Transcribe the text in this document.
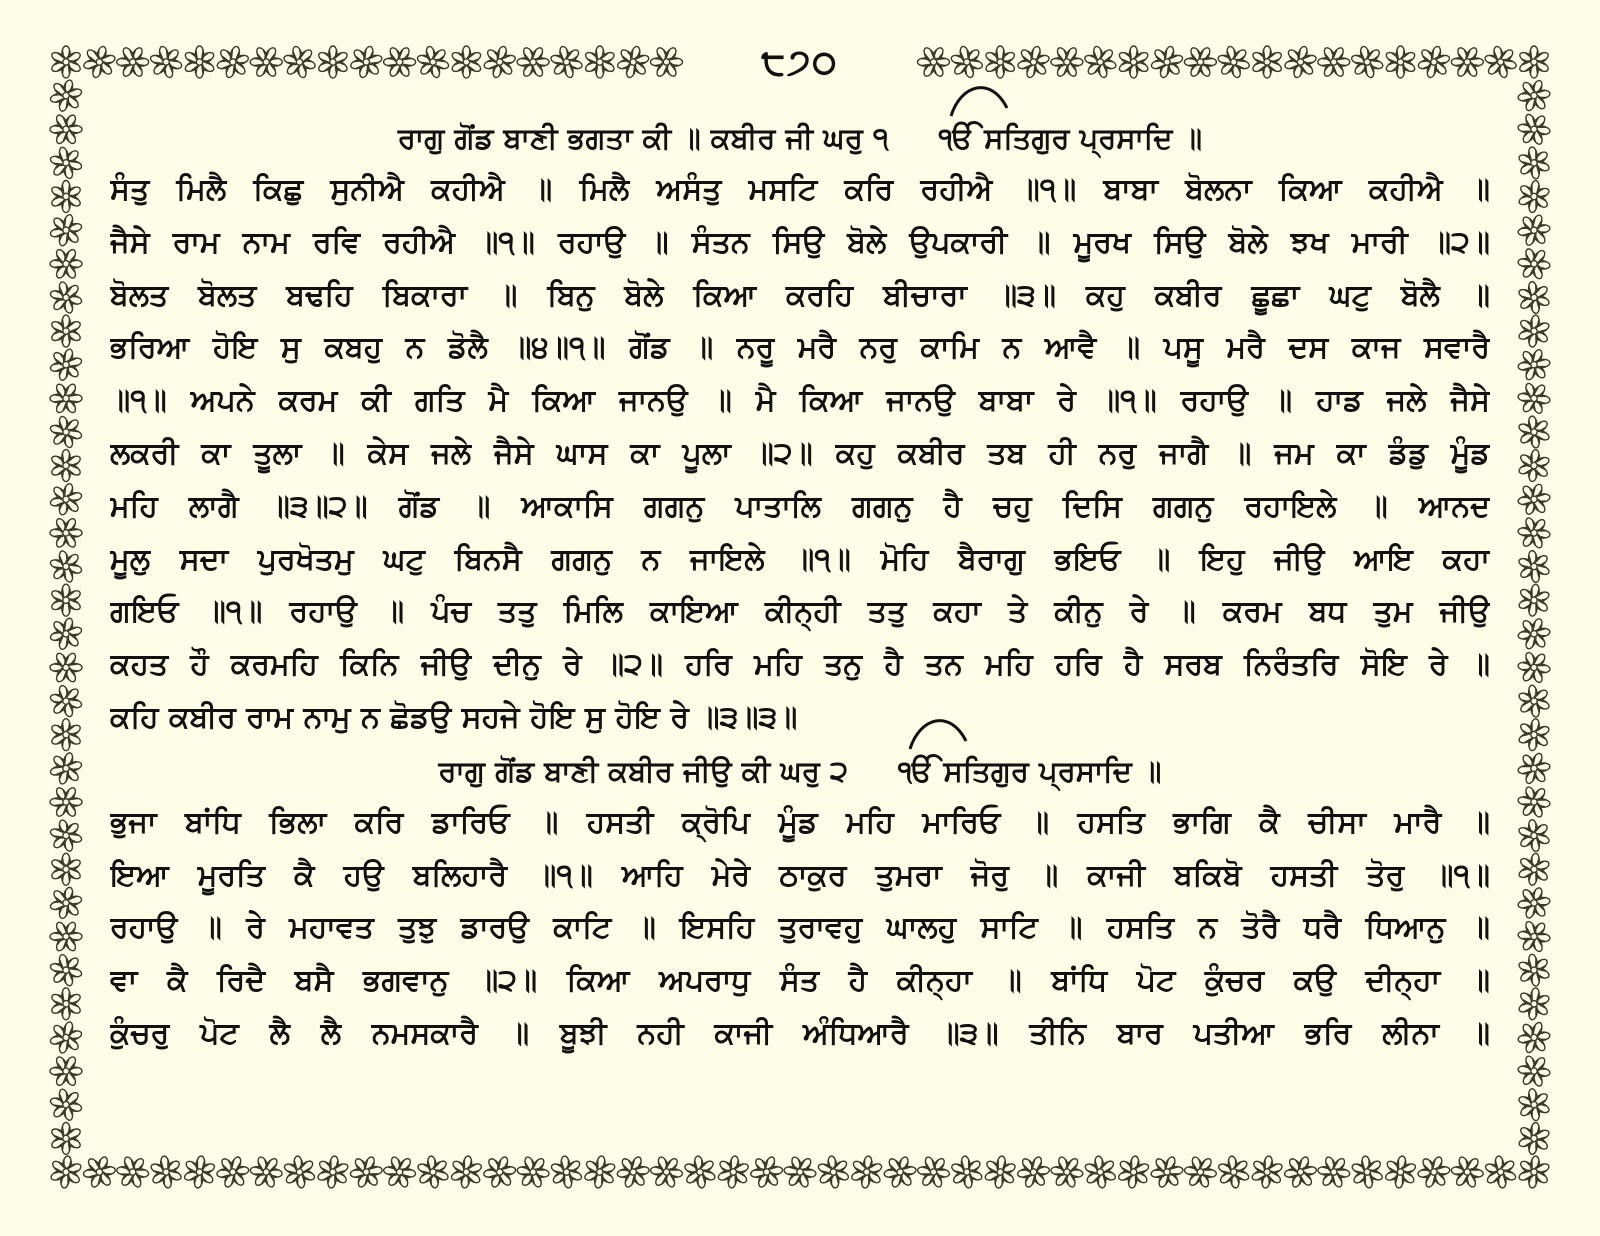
੮੭੦
ਰਾਗੁ ਗੋਂਡ ਬਾਣੀ ਭਗਤਾ ਕੀ ॥ ਕਬੀਰ ਜੀ ਘਰੁ ੧ ੴ ਸਤਿਗੁਰ ਪ੍ਰਸਾਦਿ ॥
ਸੰਤੁ ਮਿਲੈ ਕਿਛੁ ਸੁਨੀਐ ਕਹੀਐ ॥ ਮਿਲੈ ਅਸੰਤੁ ਮਸਟਿ ਕਰਿ ਰਹੀਐ ॥੧॥ ਬਾਬਾ ਬੋਲਨਾ ਕਿਆ ਕਹੀਐ ॥
ਜੈਸੇ ਰਾਮ ਨਾਮ ਰਵਿ ਰਹੀਐ ॥੧॥ ਰਹਾਉ ॥ ਸੰਤਨ ਸਿਉ ਬੋਲੇ ਉਪਕਾਰੀ ॥ ਮੂਰਖ ਸਿਉ ਬੋਲੇ ਝਖ ਮਾਰੀ ॥੨॥
ਬੋਲਤ ਬੋਲਤ ਬਢਹਿ ਬਿਕਾਰਾ ॥ ਬਿਨੁ ਬੋਲੇ ਕਿਆ ਕਰਹਿ ਬੀਚਾਰਾ ॥੩॥ ਕਹੁ ਕਬੀਰ ਛੂਛਾ ਘਟੁ ਬੋਲੈ ॥
ਭਰਿਆ ਹੋਇ ਸੁ ਕਬਹੁ ਨ ਡੋਲੈ ॥੪॥੧॥ ਗੋਂਡ ॥ ਨਰੂ ਮਰੈ ਨਰੁ ਕਾਮਿ ਨ ਆਵੈ ॥ ਪਸੂ ਮਰੈ ਦਸ ਕਾਜ ਸਵਾਰੈ
॥੧॥ ਅਪਨੇ ਕਰਮ ਕੀ ਗਤਿ ਮੈ ਕਿਆ ਜਾਨਉ ॥ ਮੈ ਕਿਆ ਜਾਨਉ ਬਾਬਾ ਰੇ ॥੧॥ ਰਹਾਉ ॥ ਹਾਡ ਜਲੇ ਜੈਸੇ
ਲਕਰੀ ਕਾ ਤੂਲਾ ॥ ਕੇਸ ਜਲੇ ਜੈਸੇ ਘਾਸ ਕਾ ਪੂਲਾ ॥੨॥ ਕਹੁ ਕਬੀਰ ਤਬ ਹੀ ਨਰੁ ਜਾਗੈ ॥ ਜਮ ਕਾ ਡੰਡੁ ਮੂੰਡ
ਮਹਿ ਲਾਗੈ ॥੩॥੨॥ ਗੋਂਡ ॥ ਆਕਾਸਿ ਗਗਨੁ ਪਾਤਾਲਿ ਗਗਨੁ ਹੈ ਚਹੁ ਦਿਸਿ ਗਗਨੁ ਰਹਾਇਲੇ ॥ ਆਨਦ
ਮੂਲੁ ਸਦਾ ਪੁਰਖੋਤਮੁ ਘਟੁ ਬਿਨਸੈ ਗਗਨੁ ਨ ਜਾਇਲੇ ॥੧॥ ਮੋਹਿ ਬੈਰਾਗੁ ਭਇਓ ॥ ਇਹੁ ਜੀਉ ਆਇ ਕਹਾ
ਗਇਓ ॥੧॥ ਰਹਾਉ ॥ ਪੰਚ ਤਤੁ ਮਿਲਿ ਕਾਇਆ ਕੀਨ੍ਹੀ ਤਤੁ ਕਹਾ ਤੇ ਕੀਨੁ ਰੇ ॥ ਕਰਮ ਬਧ ਤੁਮ ਜੀਉ
ਕਹਤ ਹੌ ਕਰਮਹਿ ਕਿਨਿ ਜੀਉ ਦੀਨੁ ਰੇ ॥੨॥ ਹਰਿ ਮਹਿ ਤਨੁ ਹੈ ਤਨ ਮਹਿ ਹਰਿ ਹੈ ਸਰਬ ਨਿਰੰਤਰਿ ਸੋਇ ਰੇ ॥
ਕਹਿ ਕਬੀਰ ਰਾਮ ਨਾਮੁ ਨ ਛੋਡਉ ਸਹਜੇ ਹੋਇ ਸੁ ਹੋਇ ਰੇ ॥੩॥੩॥
ਰਾਗੁ ਗੋਂਡ ਬਾਣੀ ਕਬੀਰ ਜੀਉ ਕੀ ਘਰੁ ੨ ੴ ਸਤਿਗੁਰ ਪ੍ਰਸਾਦਿ ॥
ਭੁਜਾ ਬਾਂਧਿ ਭਿਲਾ ਕਰਿ ਡਾਰਿਓ ॥ ਹਸਤੀ ਕ੍ਰੋਪਿ ਮੂੰਡ ਮਹਿ ਮਾਰਿਓ ॥ ਹਸਤਿ ਭਾਗਿ ਕੈ ਚੀਸਾ ਮਾਰੈ ॥
ਇਆ ਮੂਰਤਿ ਕੈ ਹਉ ਬਲਿਹਾਰੈ ॥੧॥ ਆਹਿ ਮੇਰੇ ਠਾਕੁਰ ਤੁਮਰਾ ਜੋਰੁ ॥ ਕਾਜੀ ਬਕਿਬੋ ਹਸਤੀ ਤੋਰੁ ॥੧॥
ਰਹਾਉ ॥ ਰੇ ਮਹਾਵਤ ਤੁਝੁ ਡਾਰਉ ਕਾਟਿ ॥ ਇਸਹਿ ਤੁਰਾਵਹੁ ਘਾਲਹੁ ਸਾਟਿ ॥ ਹਸਤਿ ਨ ਤੋਰੈ ਧਰੈ ਧਿਆਨੁ ॥
ਵਾ ਕੈ ਰਿਦੈ ਬਸੈ ਭਗਵਾਨੁ ॥੨॥ ਕਿਆ ਅਪਰਾਧੁ ਸੰਤ ਹੈ ਕੀਨ੍ਹਾ ॥ ਬਾਂਧਿ ਪੋਟ ਕੁੰਚਰ ਕਉ ਦੀਨ੍ਹਾ ॥
ਕੁੰਚਰੁ ਪੋਟ ਲੈ ਲੈ ਨਮਸਕਾਰੈ ॥ ਬੂਝੀ ਨਹੀ ਕਾਜੀ ਅੰਧਿਆਰੈ ॥੩॥ ਤੀਨਿ ਬਾਰ ਪਤੀਆ ਭਰਿ ਲੀਨਾ ॥
